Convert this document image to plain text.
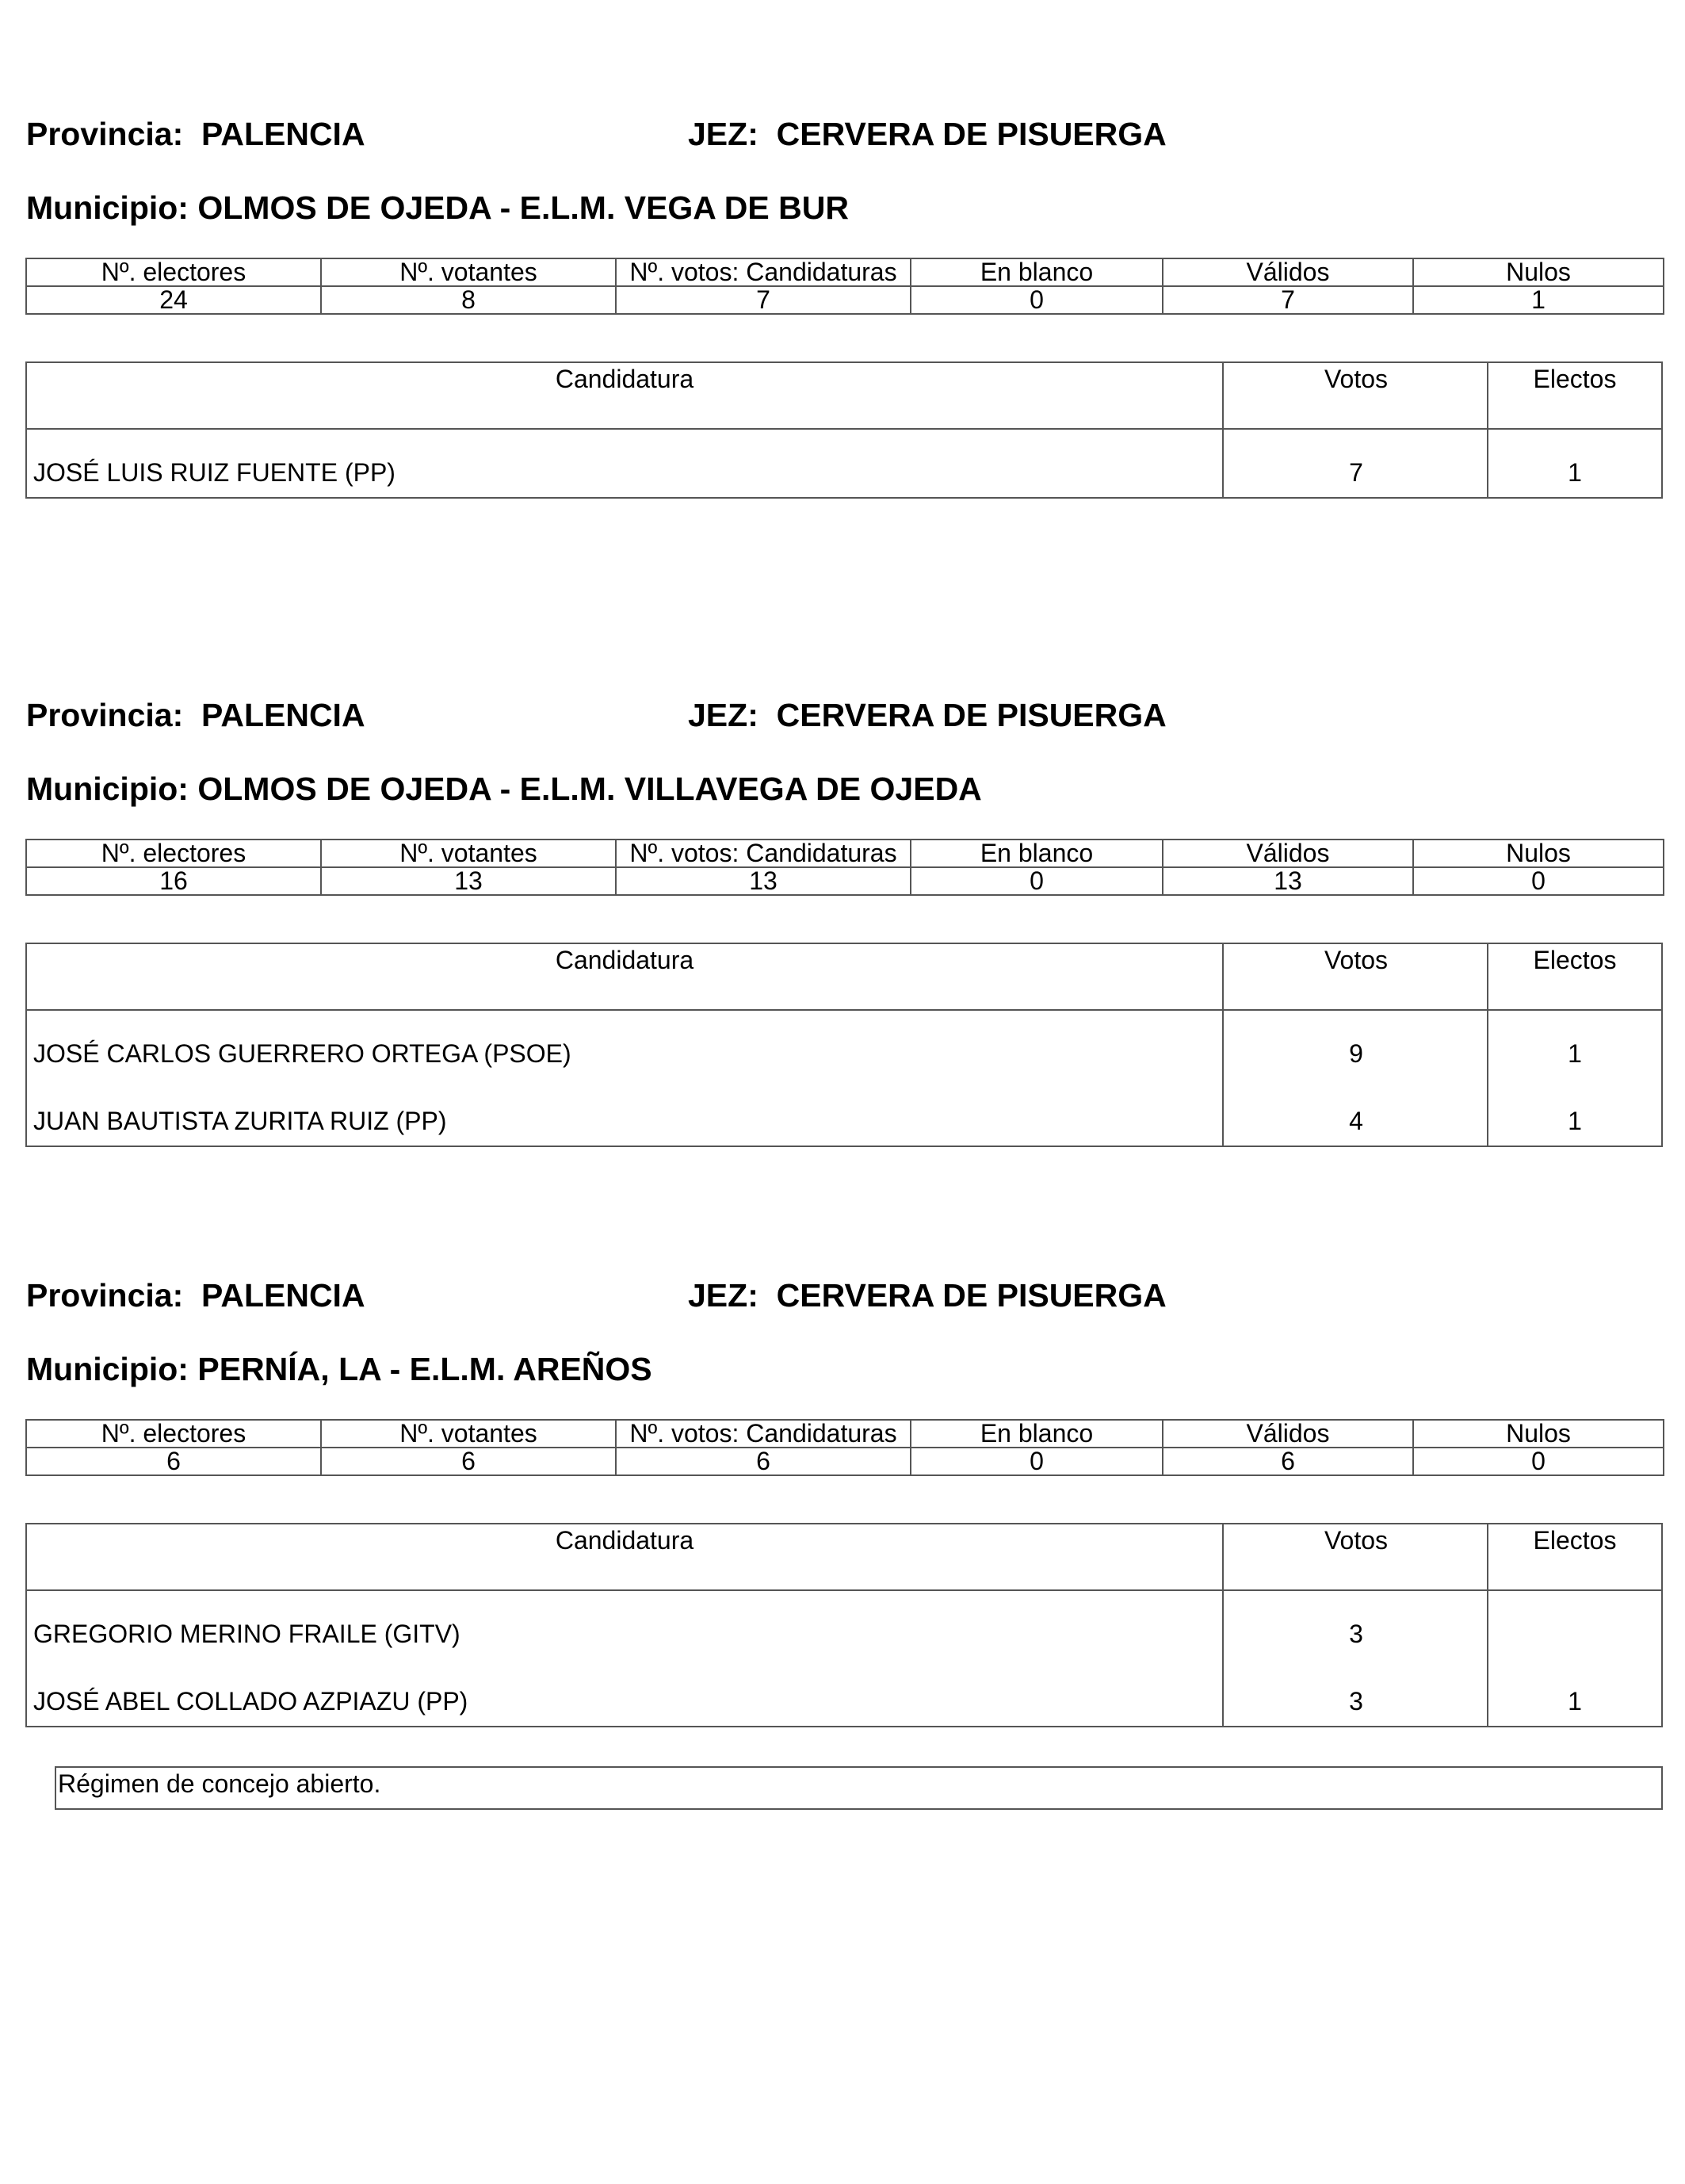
Provincia: PALENCIA	JEZ: CERVERA DE PISUERGA
Municipio: OLMOS DE OJEDA - E.L.M. VEGA DE BUR
Nº. electores	Nº. votantes	Nº. votos: Candidaturas	En blanco	Válidos	Nulos
24	8	7	0	7	1
Candidatura	Votos	Electos
JOSÉ LUIS RUIZ FUENTE (PP)	7	1
Provincia: PALENCIA	JEZ: CERVERA DE PISUERGA
Municipio: OLMOS DE OJEDA - E.L.M. VILLAVEGA DE OJEDA
Nº. electores	Nº. votantes	Nº. votos: Candidaturas	En blanco	Válidos	Nulos
16	13	13	0	13	0
Candidatura	Votos	Electos
JOSÉ CARLOS GUERRERO ORTEGA (PSOE)	9	1
JUAN BAUTISTA ZURITA RUIZ (PP)	4	1
Provincia: PALENCIA	JEZ: CERVERA DE PISUERGA
Municipio: PERNÍA, LA - E.L.M. AREÑOS
Nº. electores	Nº. votantes	Nº. votos: Candidaturas	En blanco	Válidos	Nulos
6	6	6	0	6	0
Candidatura	Votos	Electos
GREGORIO MERINO FRAILE (GITV)	3
JOSÉ ABEL COLLADO AZPIAZU (PP)	3	1
Régimen de concejo abierto.
